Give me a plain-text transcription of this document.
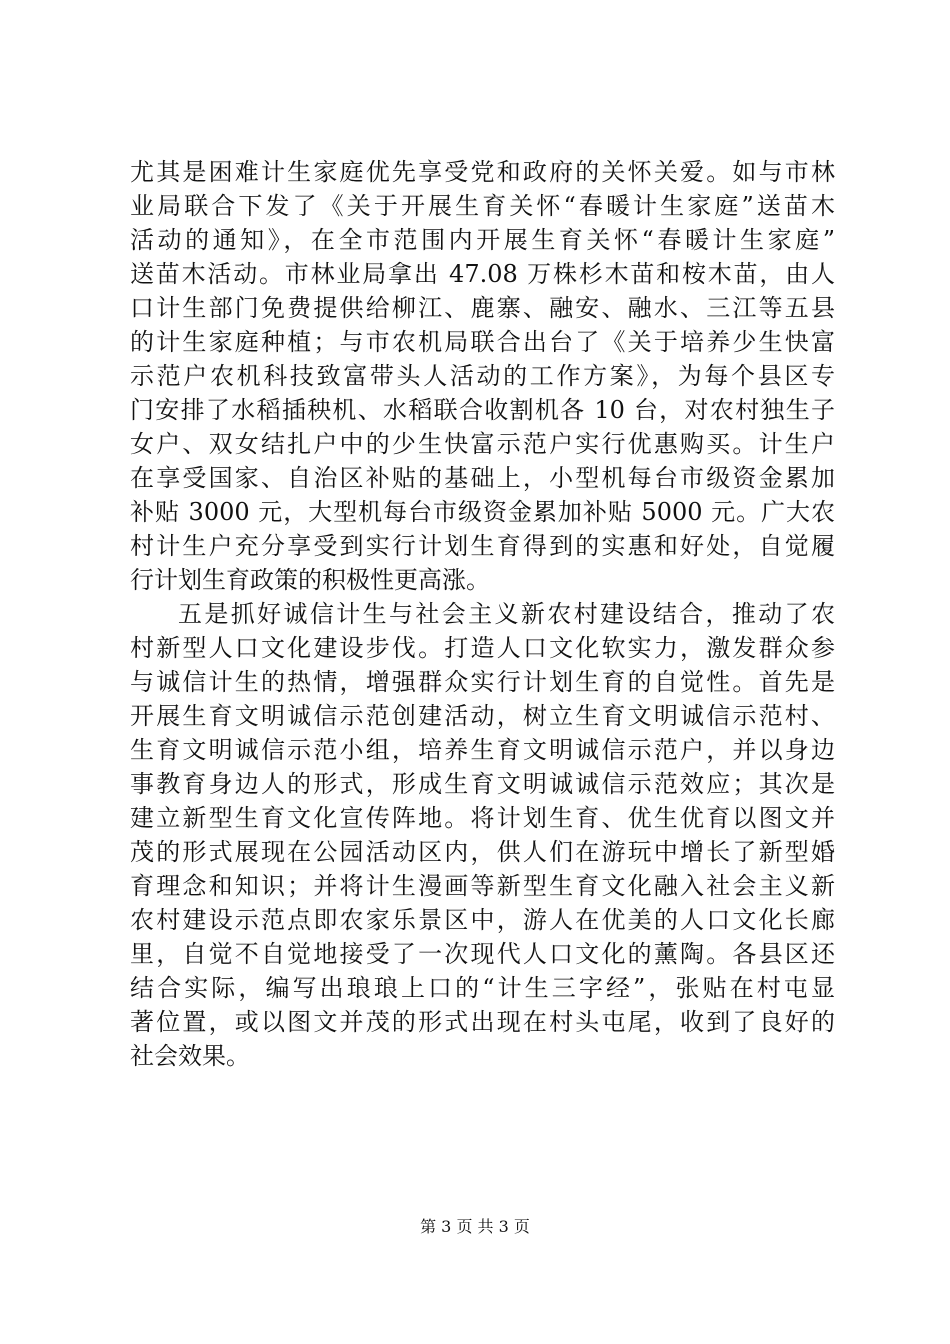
尤其是困难计生家庭优先享受党和政府的关怀关爱。如与市林
业局联合下发了《关于开展生育关怀“春暖计生家庭”送苗木
活动的通知》，在全市范围内开展生育关怀“春暖计生家庭”
送苗木活动。市林业局拿出 47.08 万株杉木苗和桉木苗，由人
口计生部门免费提供给柳江、鹿寨、融安、融水、三江等五县
的计生家庭种植；与市农机局联合出台了《关于培养少生快富
示范户农机科技致富带头人活动的工作方案》，为每个县区专
门安排了水稻插秧机、水稻联合收割机各 10 台，对农村独生子
女户、双女结扎户中的少生快富示范户实行优惠购买。计生户
在享受国家、自治区补贴的基础上，小型机每台市级资金累加
补贴 3000 元，大型机每台市级资金累加补贴 5000 元。广大农
村计生户充分享受到实行计划生育得到的实惠和好处，自觉履
行计划生育政策的积极性更高涨。
五是抓好诚信计生与社会主义新农村建设结合，推动了农
村新型人口文化建设步伐。打造人口文化软实力，激发群众参
与诚信计生的热情，增强群众实行计划生育的自觉性。首先是
开展生育文明诚信示范创建活动，树立生育文明诚信示范村、
生育文明诚信示范小组，培养生育文明诚信示范户，并以身边
事教育身边人的形式，形成生育文明诚诚信示范效应；其次是
建立新型生育文化宣传阵地。将计划生育、优生优育以图文并
茂的形式展现在公园活动区内，供人们在游玩中增长了新型婚
育理念和知识；并将计生漫画等新型生育文化融入社会主义新
农村建设示范点即农家乐景区中，游人在优美的人口文化长廊
里，自觉不自觉地接受了一次现代人口文化的薰陶。各县区还
结合实际，编写出琅琅上口的“计生三字经”，张贴在村屯显
著位置，或以图文并茂的形式出现在村头屯尾，收到了良好的
社会效果。
第 3 页 共 3 页
